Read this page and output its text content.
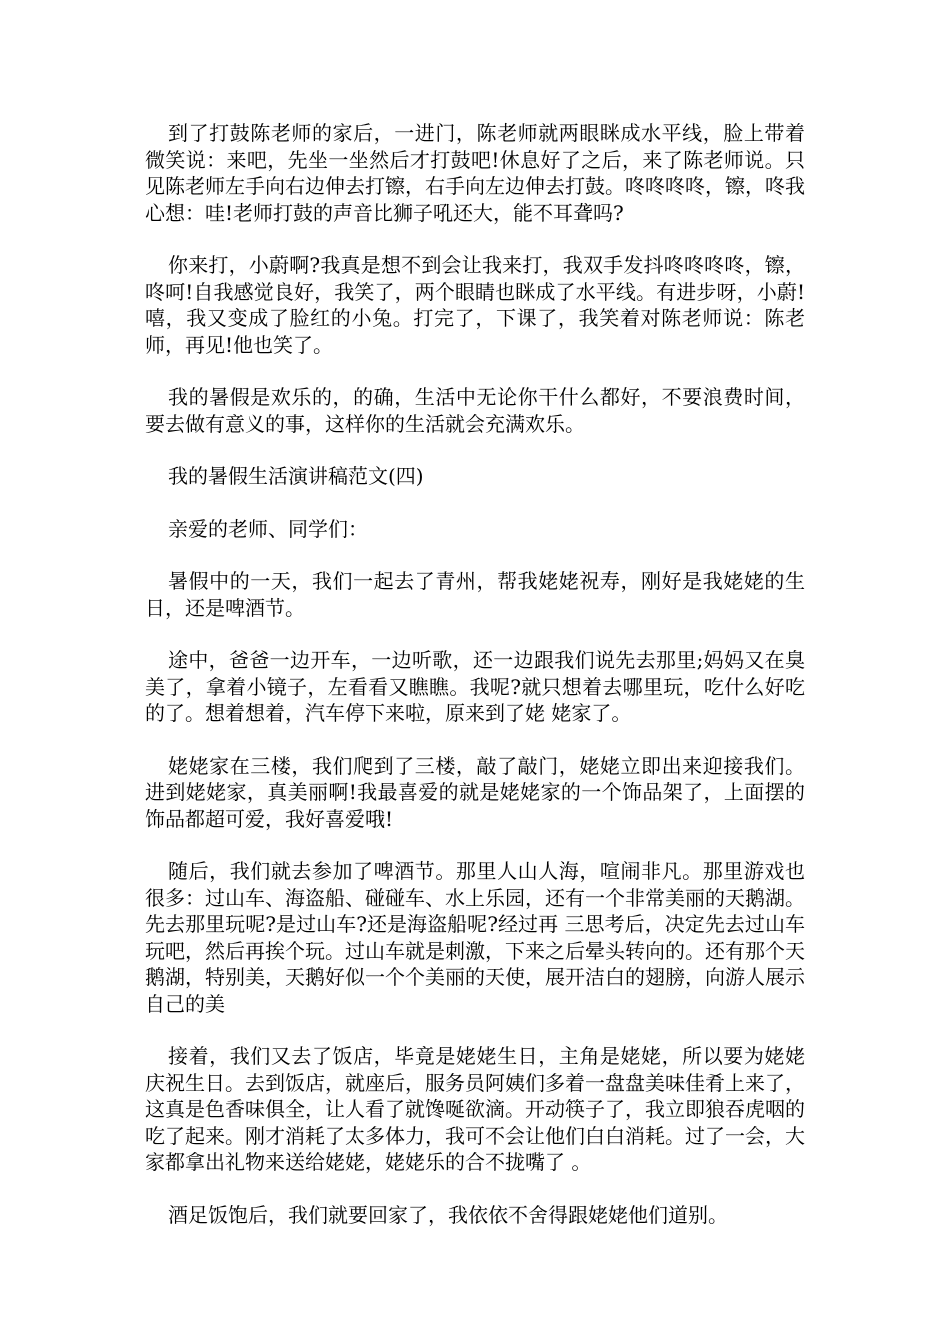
到了打鼓陈老师的家后，一进门，陈老师就两眼眯成水平线，脸上带着微笑说：来吧，先坐一坐然后才打鼓吧!休息好了之后，来了陈老师说。只见陈老师左手向右边伸去打镲，右手向左边伸去打鼓。咚咚咚咚，镲，咚我心想：哇!老师打鼓的声音比狮子吼还大，能不耳聋吗?

你来打，小蔚啊?我真是想不到会让我来打，我双手发抖咚咚咚咚，镲，咚呵!自我感觉良好，我笑了，两个眼睛也眯成了水平线。有进步呀，小蔚!嘻，我又变成了脸红的小兔。打完了，下课了，我笑着对陈老师说：陈老师，再见!他也笑了。

我的暑假是欢乐的，的确，生活中无论你干什么都好，不要浪费时间，要去做有意义的事，这样你的生活就会充满欢乐。

我的暑假生活演讲稿范文(四)

亲爱的老师、同学们：

暑假中的一天，我们一起去了青州，帮我姥姥祝寿，刚好是我姥姥的生日，还是啤酒节。

途中，爸爸一边开车，一边听歌，还一边跟我们说先去那里;妈妈又在臭美了，拿着小镜子，左看看又瞧瞧。我呢?就只想着去哪里玩，吃什么好吃的了。想着想着，汽车停下来啦，原来到了姥 姥家了。

姥姥家在三楼，我们爬到了三楼，敲了敲门，姥姥立即出来迎接我们。进到姥姥家，真美丽啊!我最喜爱的就是姥姥家的一个饰品架了，上面摆的饰品都超可爱，我好喜爱哦!

随后，我们就去参加了啤酒节。那里人山人海，喧闹非凡。那里游戏也很多：过山车、海盗船、碰碰车、水上乐园，还有一个非常美丽的天鹅湖。先去那里玩呢?是过山车?还是海盗船呢?经过再 三思考后，决定先去过山车玩吧，然后再挨个玩。过山车就是刺激，下来之后晕头转向的。还有那个天鹅湖，特别美，天鹅好似一个个美丽的天使，展开洁白的翅膀，向游人展示自己的美

接着，我们又去了饭店，毕竟是姥姥生日，主角是姥姥，所以要为姥姥庆祝生日。去到饭店，就座后，服务员阿姨们多着一盘盘美味佳肴上来了，这真是色香味俱全，让人看了就馋唌欲滴。开动筷子了，我立即狼吞虎咽的吃了起来。刚才消耗了太多体力，我可不会让他们白白消耗。过了一会，大家都拿出礼物来送给姥姥，姥姥乐的合不拢嘴了 。

酒足饭饱后，我们就要回家了，我依依不舍得跟姥姥他们道别。
